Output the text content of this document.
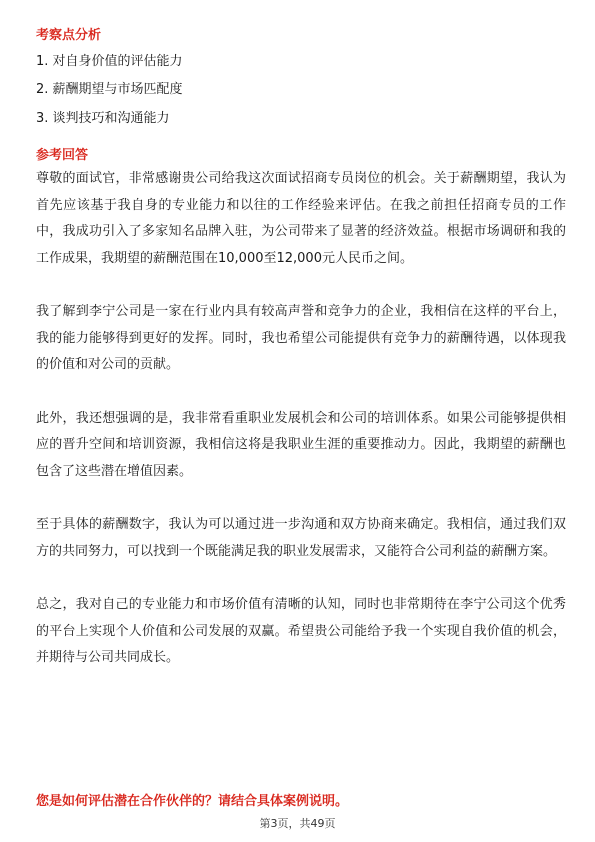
考察点分析
1. 对自身价值的评估能力
2. 薪酬期望与市场匹配度
3. 谈判技巧和沟通能力
参考回答

尊敬的面试官，非常感谢贵公司给我这次面试招商专员岗位的机会。关于薪酬期望，我认为首先应该基于我自身的专业能力和以往的工作经验来评估。在我之前担任招商专员的工作中，我成功引入了多家知名品牌入驻，为公司带来了显著的经济效益。根据市场调研和我的工作成果，我期望的薪酬范围在10,000至12,000元人民币之间。

我了解到李宁公司是一家在行业内具有较高声誉和竞争力的企业，我相信在这样的平台上，我的能力能够得到更好的发挥。同时，我也希望公司能提供有竞争力的薪酬待遇，以体现我的价值和对公司的贡献。

此外，我还想强调的是，我非常看重职业发展机会和公司的培训体系。如果公司能够提供相应的晋升空间和培训资源，我相信这将是我职业生涯的重要推动力。因此，我期望的薪酬也包含了这些潜在增值因素。

至于具体的薪酬数字，我认为可以通过进一步沟通和双方协商来确定。我相信，通过我们双方的共同努力，可以找到一个既能满足我的职业发展需求，又能符合公司利益的薪酬方案。

总之，我对自己的专业能力和市场价值有清晰的认知，同时也非常期待在李宁公司这个优秀的平台上实现个人价值和公司发展的双赢。希望贵公司能给予我一个实现自我价值的机会，并期待与公司共同成长。

您是如何评估潜在合作伙伴的？请结合具体案例说明。
第3页，共49页
